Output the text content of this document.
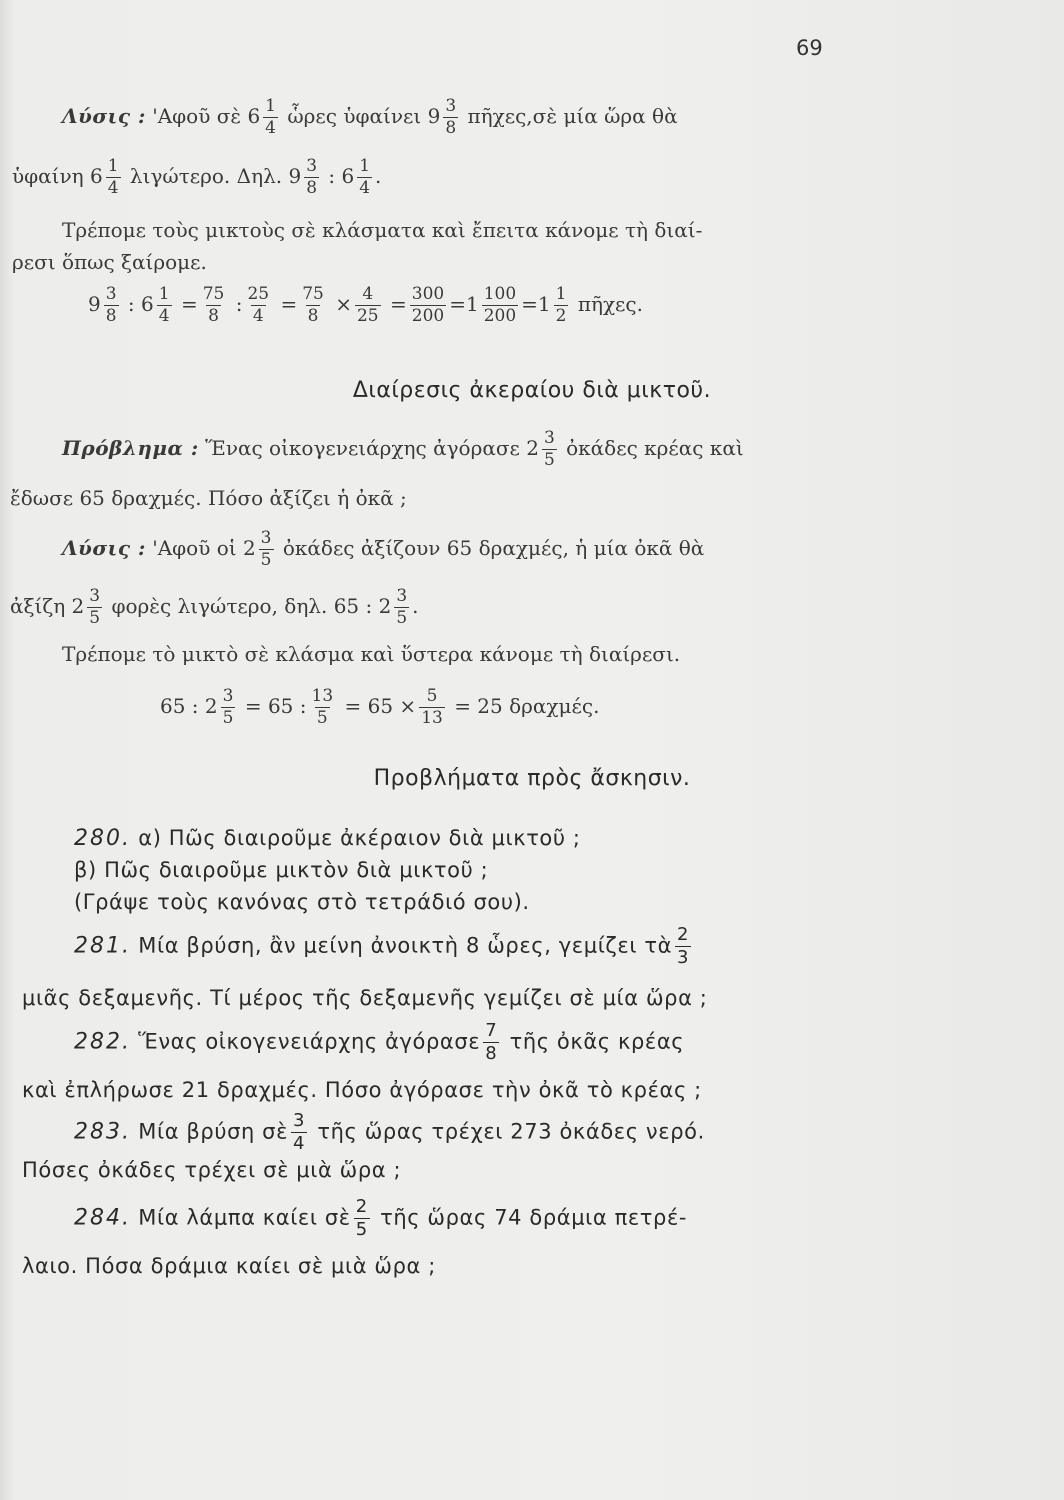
69
Λύσις : 'Αφοῦ σὲ $6 \frac{1}{4}$ ὧρες ὑφαίνει $9 \frac{3}{8}$ πῆχες,σὲ μία ὥρα θὰ
ὑφαίνη $6 \frac{1}{4} \lambda\iota\gamma ώ\tau\varepsilon\rho o$. Δηλ. $9 \frac{3}{8}$ : $6 \frac{1}{4}$ .
Τρέπομε τοὺς μικτοὺς σὲ κλάσματα καὶ ἔπειτα κάνομε τὴ διαί-
ρεσι ὅπως ξαίρομε.
$9 \frac{3}{8}$ : $6 \frac{1}{4} = \frac{75}{8}$ : $\frac{25}{4} = \frac{75}{8} \times \frac{4}{25} = \frac{300}{200} =1 \frac{100}{200} =1 \frac{1}{2}$ πῆχες.
Διαίρεσις ἀκεραίου διὰ μικτοῦ.
Πρόβλημα : Ἕνας οἰκογενειάρχης ἀγόρασε $2 \frac{3}{5}$ ὀκάδες κρέας καὶ
ἔδωσε 65 δραχμές. Πόσο ἀξίζει ἡ ὀκᾶ ;
Λύσις : 'Αφοῦ οἱ $2 \frac{3}{5}$ ὀκάδες ἀξίζουν 65 δραχμές, ἡ μία ὀκᾶ θὰ
ἀξίζη $2 \frac{3}{5}$ φορὲς λιγώτερο, δηλ. 65 : $2 \frac{3}{5}$ .
Τρέπομε τὸ μικτὸ σὲ κλάσμα καὶ ὕστερα κάνομε τὴ διαίρεσι.
65 : $2 \frac{3}{5} = 65$ : $\frac{13}{5} = 65 \times \frac{5}{13} = 25$ δραχμές.
Προβλήματα πρὸς ἄσκησιν.
280. α) Πῶς διαιροῦμε ἀκέραιον διὰ μικτοῦ ;
β) Πῶς διαιροῦμε μικτὸν διὰ μικτοῦ ;
(Γράψε τοὺς κανόνας στὸ τετράδιό σου).
281. Μία βρύση, ἂν μείνη ἀνοικτὴ 8 ὧρες, γεμίζει τὰ $\frac{2}{3}$
μιᾶς δεξαμενῆς. Τί μέρος τῆς δεξαμενῆς γεμίζει σὲ μία ὥρα ;
282. Ἕνας οἰκογενειάρχης ἀγόρασε $\frac{7}{8}$ τῆς ὀκᾶς κρέας
καὶ ἐπλήρωσε 21 δραχμές. Πόσο ἀγόρασε τὴν ὀκᾶ τὸ κρέας ;
283. Μία βρύση σὲ $\frac{3}{4}$ τῆς ὥρας τρέχει 273 ὀκάδες νερό.
Πόσες ὀκάδες τρέχει σὲ μιὰ ὥρα ;
284. Μία λάμπα καίει σὲ $\frac{2}{5}$ τῆς ὥρας 74 δράμια πετρέ-
λαιο. Πόσα δράμια καίει σὲ μιὰ ὥρα ;
